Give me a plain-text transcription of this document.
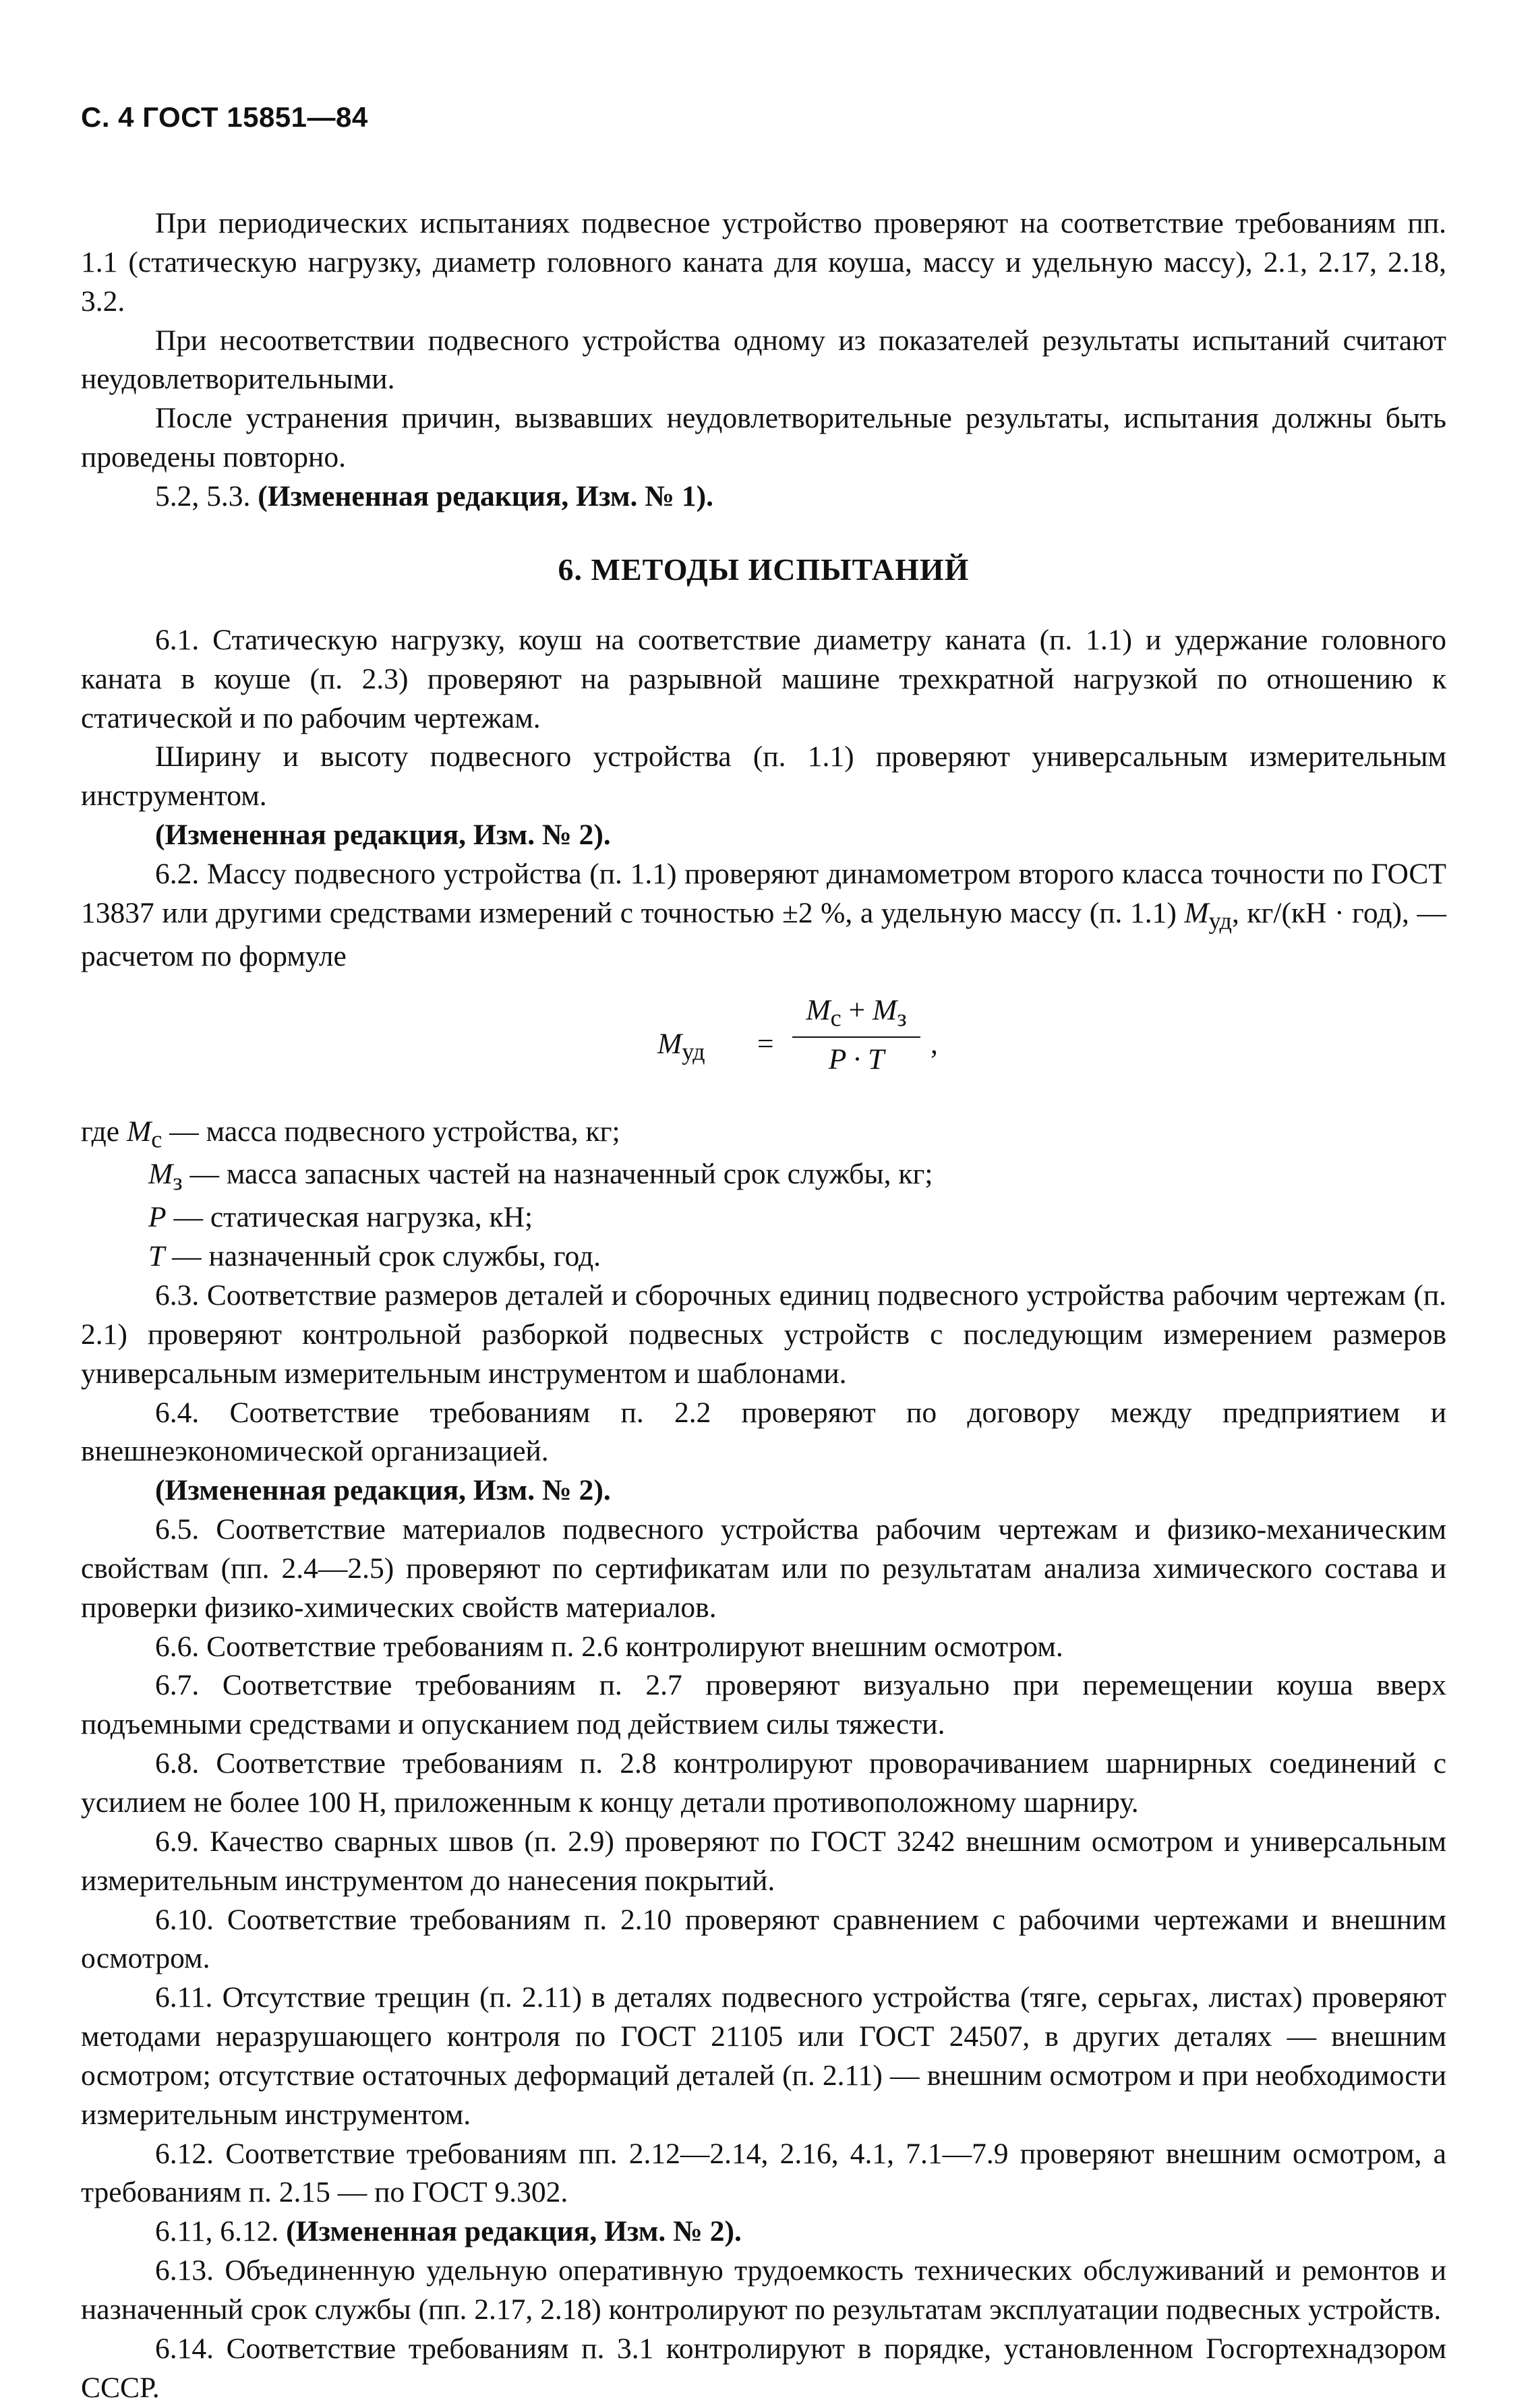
С. 4 ГОСТ 15851—84

При периодических испытаниях подвесное устройство проверяют на соответствие требованиям пп. 1.1 (статическую нагрузку, диаметр головного каната для коуша, массу и удельную массу), 2.1, 2.17, 2.18, 3.2.

При несоответствии подвесного устройства одному из показателей результаты испытаний считают неудовлетворительными.

После устранения причин, вызвавших неудовлетворительные результаты, испытания должны быть проведены повторно.

5.2, 5.3. (Измененная редакция, Изм. № 1).

6. МЕТОДЫ ИСПЫТАНИЙ

6.1. Статическую нагрузку, коуш на соответствие диаметру каната (п. 1.1) и удержание головного каната в коуше (п. 2.3) проверяют на разрывной машине трехкратной нагрузкой по отношению к статической и по рабочим чертежам.

Ширину и высоту подвесного устройства (п. 1.1) проверяют универсальным измерительным инструментом.

(Измененная редакция, Изм. № 2).

6.2. Массу подвесного устройства (п. 1.1) проверяют динамометром второго класса точности по ГОСТ 13837 или другими средствами измерений с точностью ±2 %, а удельную массу (п. 1.1) $М_{уд}$, кг/(кН · год), — расчетом по формуле

$М_{уд}$ =
$М_с + М_з$
P · T	,

где $М_с$ — масса подвесного устройства, кг;

$М_з$ — масса запасных частей на назначенный срок службы, кг;

P — статическая нагрузка, кН;

T — назначенный срок службы, год.

6.3. Соответствие размеров деталей и сборочных единиц подвесного устройства рабочим чертежам (п. 2.1) проверяют контрольной разборкой подвесных устройств с последующим измерением размеров универсальным измерительным инструментом и шаблонами.

6.4. Соответствие требованиям п. 2.2 проверяют по договору между предприятием и внешнеэкономической организацией.

(Измененная редакция, Изм. № 2).

6.5. Соответствие материалов подвесного устройства рабочим чертежам и физико-механическим свойствам (пп. 2.4—2.5) проверяют по сертификатам или по результатам анализа химического состава и проверки физико-химических свойств материалов.

6.6. Соответствие требованиям п. 2.6 контролируют внешним осмотром.

6.7. Соответствие требованиям п. 2.7 проверяют визуально при перемещении коуша вверх подъемными средствами и опусканием под действием силы тяжести.

6.8. Соответствие требованиям п. 2.8 контролируют проворачиванием шарнирных соединений с усилием не более 100 Н, приложенным к концу детали противоположному шарниру.

6.9. Качество сварных швов (п. 2.9) проверяют по ГОСТ 3242 внешним осмотром и универсальным измерительным инструментом до нанесения покрытий.

6.10. Соответствие требованиям п. 2.10 проверяют сравнением с рабочими чертежами и внешним осмотром.

6.11. Отсутствие трещин (п. 2.11) в деталях подвесного устройства (тяге, серьгах, листах) проверяют методами неразрушающего контроля по ГОСТ 21105 или ГОСТ 24507, в других деталях — внешним осмотром; отсутствие остаточных деформаций деталей (п. 2.11) — внешним осмотром и при необходимости измерительным инструментом.

6.12. Соответствие требованиям пп. 2.12—2.14, 2.16, 4.1, 7.1—7.9 проверяют внешним осмотром, а требованиям п. 2.15 — по ГОСТ 9.302.

6.11, 6.12. (Измененная редакция, Изм. № 2).

6.13. Объединенную удельную оперативную трудоемкость технических обслуживаний и ремонтов и назначенный срок службы (пп. 2.17, 2.18) контролируют по результатам эксплуатации подвесных устройств.

6.14. Соответствие требованиям п. 3.1 контролируют в порядке, установленном Госгортехнадзором СССР.
